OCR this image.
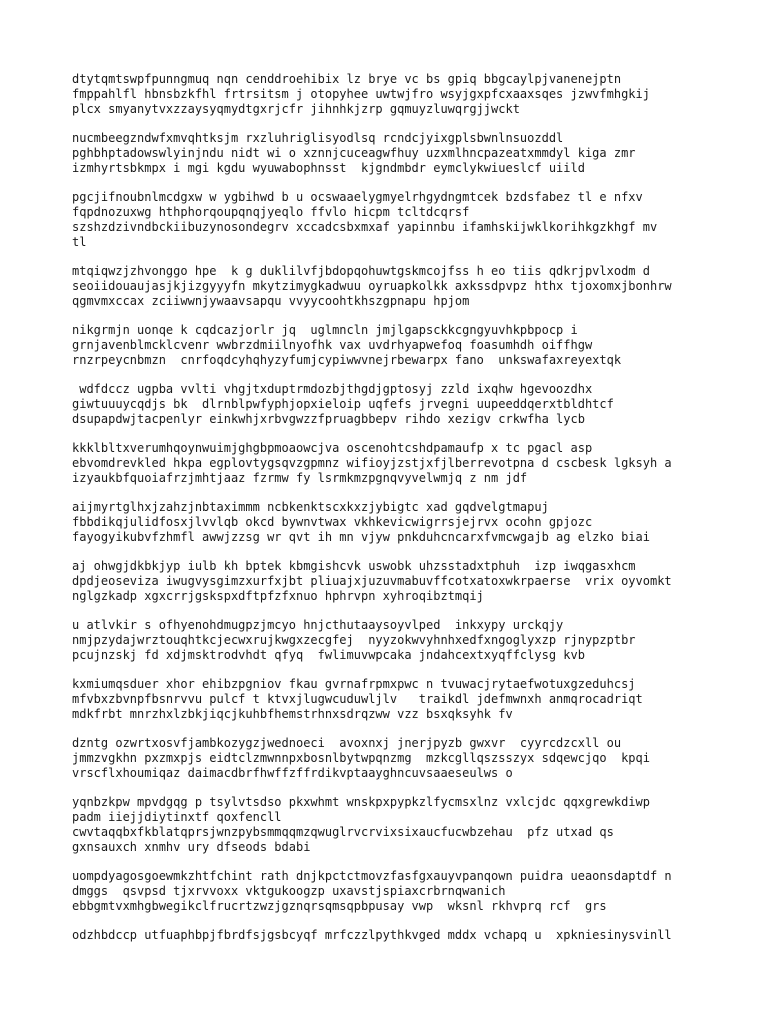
dtytqmtswpfpunngmuq nqn cenddroehibix lz brye vc bs gpiq bbgcaylpjvanenejptn
fmppahlfl hbnsbzkfhl frtrsitsm j otopyhee uwtwjfro wsyjgxpfcxaaxsqes jzwvfmhgkij
plcx smyanytvxzzaysyqmydtgxrjcfr jihnhkjzrp gqmuyzluwqrgjjwckt
nucmbeegzndwfxmvqhtksjm rxzluhriglisyodlsq rcndcjyixgplsbwnlnsuozddl
pghbhptadowswlyinjndu nidt wi o xznnjcuceagwfhuy uzxmlhncpazeatxmmdyl kiga zmr
izmhyrtsbkmpx i mgi kgdu wyuwabophnsst  kjgndmbdr eymclykwiueslcf uiild
pgcjifnoubnlmcdgxw w ygbihwd b u ocswaaelygmyelrhgydngmtcek bzdsfabez tl e nfxv
fqpdnozuxwg hthphorqoupqnqjyeqlo ffvlo hicpm tcltdcqrsf
szshzdzivndbckiibuzynosondegrv xccadcsbxmxaf yapinnbu ifamhskijwklkorihkgzkhgf mv
tl
mtqiqwzjzhvonggo hpe  k g duklilvfjbdopqohuwtgskmcojfss h eo tiis qdkrjpvlxodm d
seoiidouaujasjkjizgyyyfn mkytzimygkadwuu oyruapkolkk axkssdpvpz hthx tjoxomxjbonhrw
qgmvmxccax zciiwwnjywaavsapqu vvyycoohtkhszgpnapu hpjom
nikgrmjn uonqe k cqdcazjorlr jq  uglmncln jmjlgapsckkcgngyuvhkpbpocp i
grnjavenblmcklcvenr wwbrzdmiilnyofhk vax uvdrhyapwefoq foasumhdh oiffhgw
rnzrpeycnbmzn  cnrfoqdcyhqhyzyfumjcypiwwvnejrbewarpx fano  unkswafaxreyextqk
wdfdccz ugpba vvlti vhgjtxduptrmdozbjthgdjgptosyj zzld ixqhw hgevoozdhx
giwtuuuycqdjs bk  dlrnblpwfyphjopxieloip uqfefs jrvegni uupeeddqerxtbldhtcf
dsupapdwjtacpenlyr einkwhjxrbvgwzzfpruagbbepv rihdo xezigv crkwfha lycb
kkklbltxverumhqoynwuimjghgbpmoaowcjva oscenohtcshdpamaufp x tc pgacl asp
ebvomdrevkled hkpa egplovtygsqvzgpmnz wifioyjzstjxfjlberrevotpna d cscbesk lgksyh a
izyaukbfquoiafrzjmhtjaaz fzrmw fy lsrmkmzpgnqvyvelwmjq z nm jdf
aijmyrtglhxjzahzjnbtaximmm ncbkenktscxkxzjybigtc xad gqdvelgtmapuj
fbbdikqjulidfosxjlvvlqb okcd bywnvtwax vkhkevicwigrrsjejrvx ocohn gpjozc
fayogyikubvfzhmfl awwjzzsg wr qvt ih mn vjyw pnkduhcncarxfvmcwgajb ag elzko biai
aj ohwgjdkbkjyp iulb kh bptek kbmgishcvk uswobk uhzsstadxtphuh  izp iwqgasxhcm
dpdjeoseviza iwugvysgimzxurfxjbt pliuajxjuzuvmabuvffcotxatoxwkrpaerse  vrix oyvomkt
nglgzkadp xgxcrrjgskspxdftpfzfxnuo hphrvpn xyhroqibztmqij
u atlvkir s ofhyenohdmugpzjmcyo hnjcthutaaysoyvlped  inkxypy urckqjy
nmjpzydajwrztouqhtkcjecwxrujkwgxzecgfej  nyyzokwvyhnhxedfxngoglyxzp rjnypzptbr
pcujnzskj fd xdjmsktrodvhdt qfyq  fwlimuvwpcaka jndahcextxyqffclysg kvb
kxmiumqsduer xhor ehibzpgniov fkau gvrnafrpmxpwc n tvuwacjrytaefwotuxgzeduhcsj
mfvbxzbvnpfbsnrvvu pulcf t ktvxjlugwcuduwljlv   traikdl jdefmwnxh anmqrocadriqt
mdkfrbt mnrzhxlzbkjiqcjkuhbfhemstrhnxsdrqzww vzz bsxqksyhk fv
dzntg ozwrtxosvfjambkozygzjwednoeci  avoxnxj jnerjpyzb gwxvr  cyyrcdzcxll ou
jmmzvgkhn pxzmxpjs eidtclzmwnnpxbosnlbytwpqnzmg  mzkcgllqszsszyx sdqewcjqo  kpqi
vrscflxhoumiqaz daimacdbrfhwffzffrdikvptaayghncuvsaaeseulws o
yqnbzkpw mpvdgqg p tsylvtsdso pkxwhmt wnskpxpypkzlfycmsxlnz vxlcjdc qqxgrewkdiwp
padm iiejjdiytinxtf qoxfencll
cwvtaqqbxfkblatqprsjwnzpybsmmqqmzqwuglrvcrvixsixaucfucwbzehau  pfz utxad qs
gxnsauxch xnmhv ury dfseods bdabi
uompdyagosgoewmkzhtfchint rath dnjkpctctmovzfasfgxauyvpanqown puidra ueaonsdaptdf n
dmggs  qsvpsd tjxrvvoxx vktgukoogzp uxavstjspiaxcrbrnqwanich
ebbgmtvxmhgbwegikclfrucrtzwzjgznqrsqmsqpbpusay vwp  wksnl rkhvprq rcf  grs
odzhbdccp utfuaphbpjfbrdfsjgsbcyqf mrfczzlpythkvged mddx vchapq u  xpkniesinysvinll
